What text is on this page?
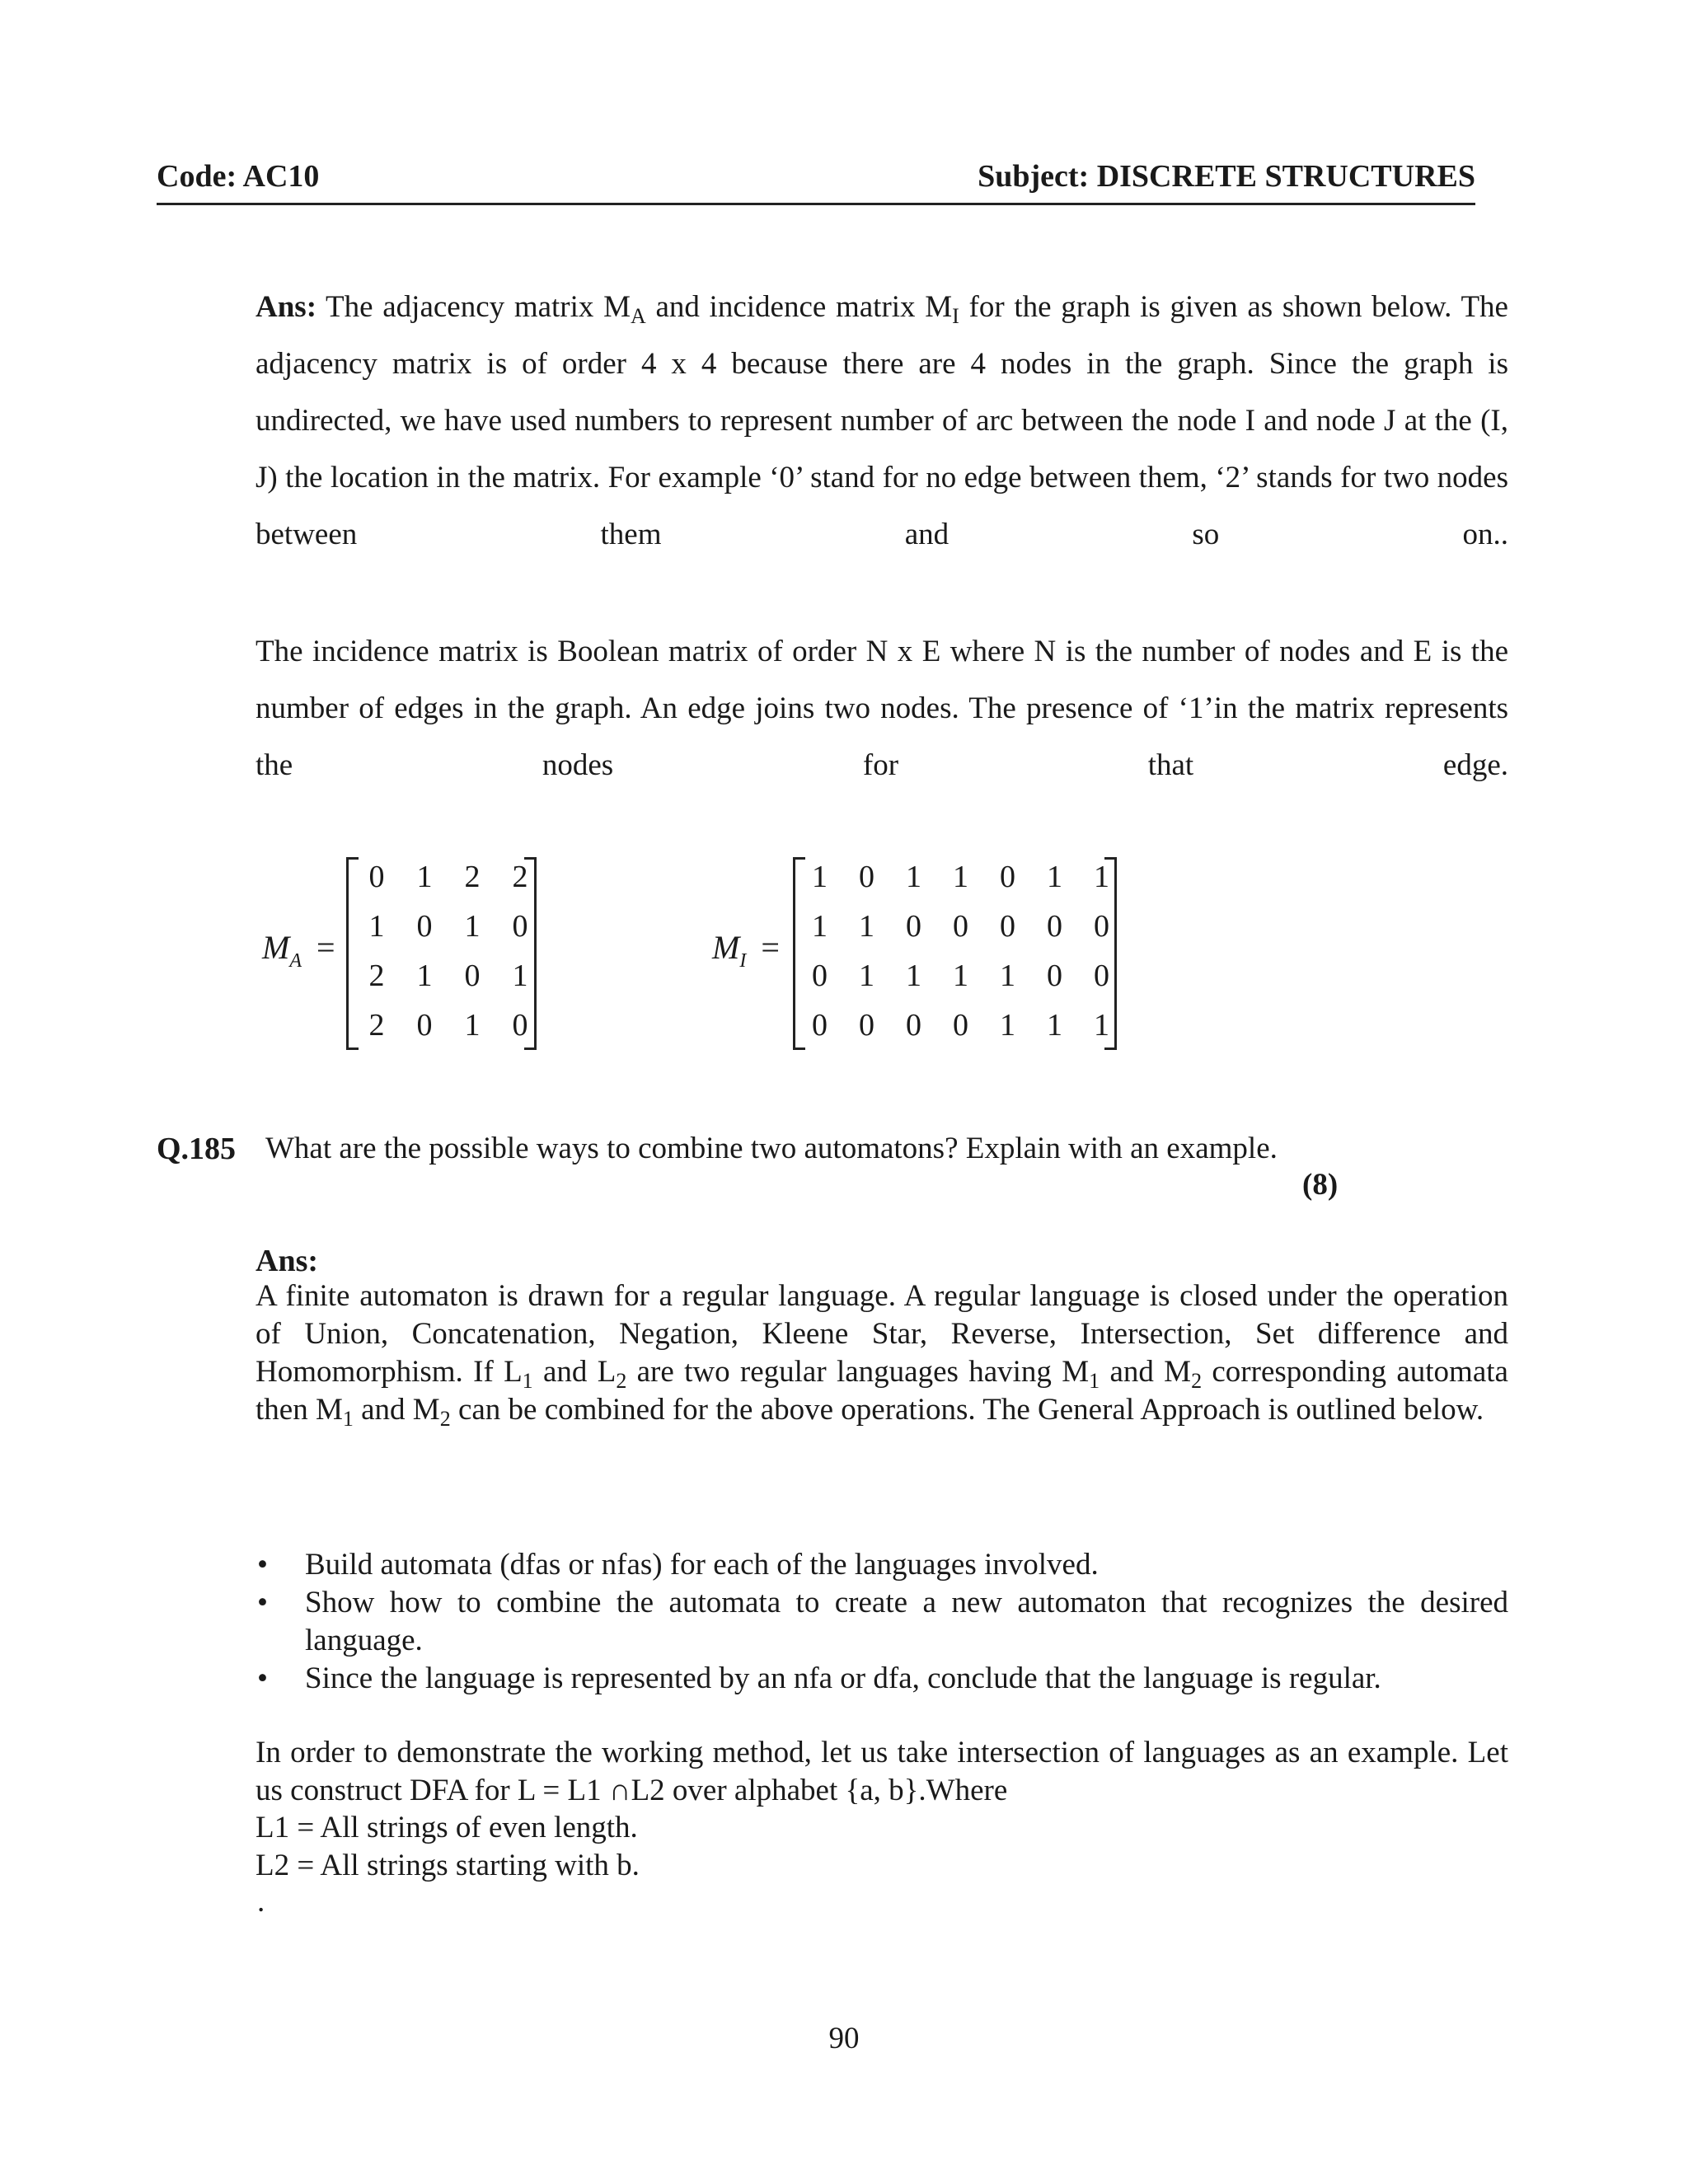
Code: AC10	Subject: DISCRETE STRUCTURES
Ans: The adjacency matrix $M_A$ and incidence matrix $M_I$ for the graph is given as shown below. The adjacency matrix is of order 4 x 4 because there are 4 nodes in the graph. Since the graph is undirected, we have used numbers to represent number of arc between the node I and node J at the (I, J) the location in the matrix. For example ‘0’ stand for no edge between them, ‘2’ stands for two nodes between them and so on..
The incidence matrix is Boolean matrix of order N x E where N is the number of nodes and E is the number of edges in the graph. An edge joins two nodes. The presence of ‘1’in the matrix represents the nodes for that edge.
$M_A$ =
0	1	2	2
1	0	1	0
2	1	0	1
2	0	1	0
$M_I$ =
1	0	1	1	0	1	1
1	1	0	0	0	0	0
0	1	1	1	1	0	0
0	0	0	0	1	1	1
Q.185 What are the possible ways to combine two automatons? Explain with an example.
(8)
Ans:
A finite automaton is drawn for a regular language. A regular language is closed under the operation of Union, Concatenation, Negation, Kleene Star, Reverse, Intersection, Set difference and Homomorphism. If $L_1$ and $L_2$ are two regular languages having $M_1$ and $M_2$ corresponding automata then $M_1$ and $M_2$ can be combined for the above operations. The General Approach is outlined below.
• Build automata (dfas or nfas) for each of the languages involved.
• Show how to combine the automata to create a new automaton that recognizes the desired language.
• Since the language is represented by an nfa or dfa, conclude that the language is regular.
In order to demonstrate the working method, let us take intersection of languages as an example. Let us construct DFA for L = L1 ∩L2 over alphabet {a, b}.Where
L1 = All strings of even length.
L2 = All strings starting with b.
.
90
